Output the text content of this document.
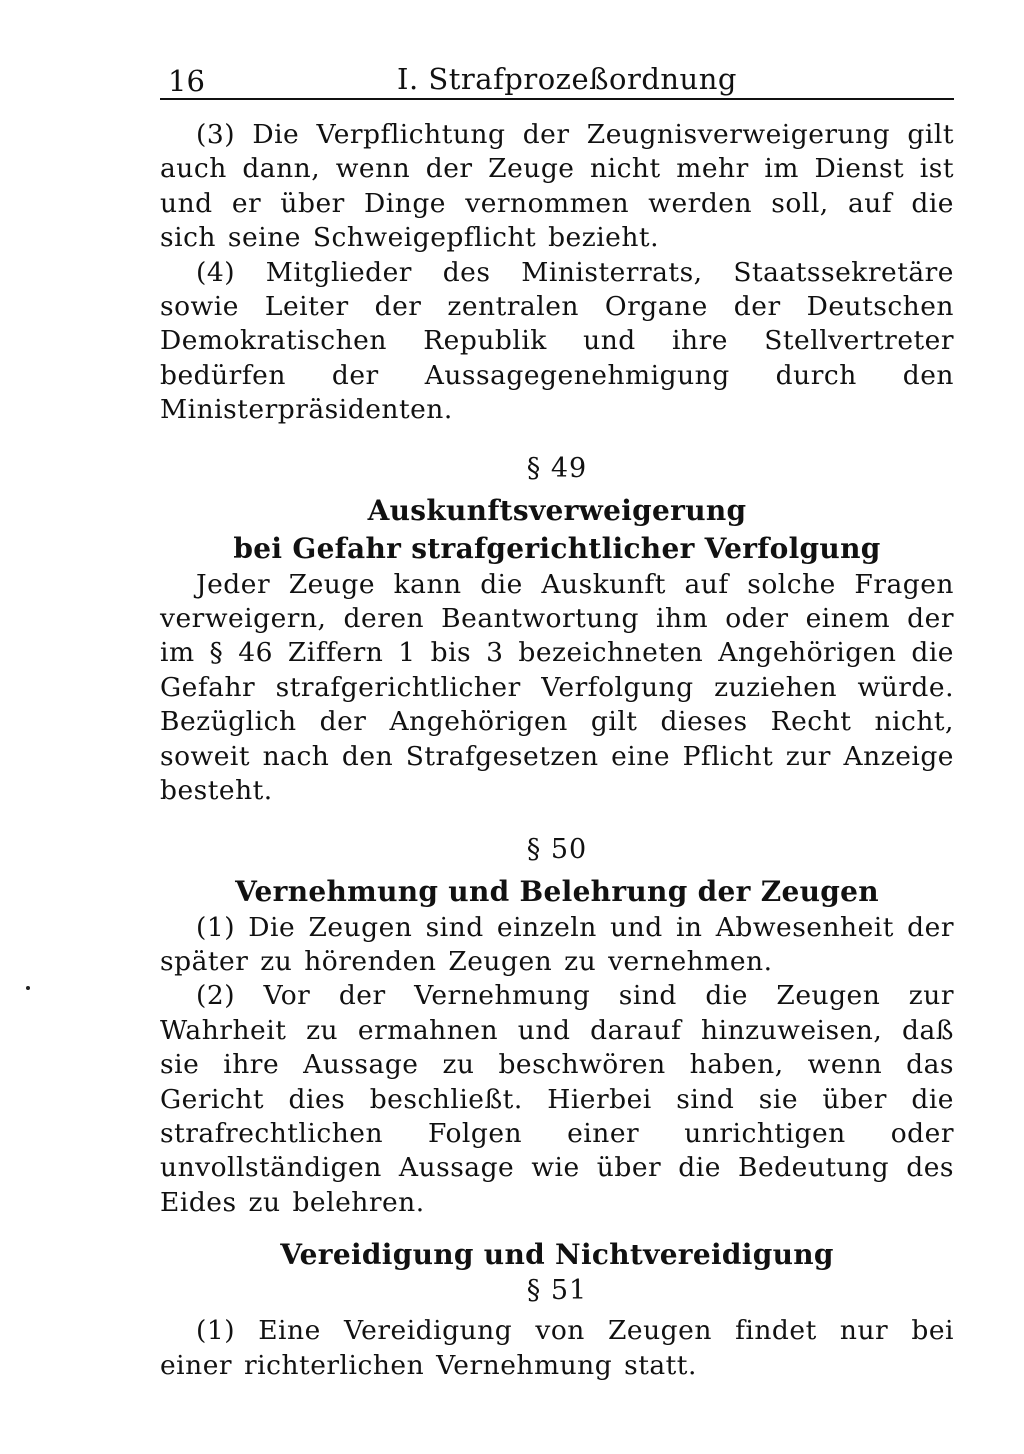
16	I. Strafprozeßordnung

(3) Die Verpflichtung der Zeugnisverweigerung gilt auch dann, wenn der Zeuge nicht mehr im Dienst ist und er über Dinge vernommen werden soll, auf die sich seine Schweigepflicht bezieht.

(4) Mitglieder des Ministerrats, Staatssekretäre sowie Leiter der zentralen Organe der Deutschen Demokratischen Republik und ihre Stellvertreter bedürfen der Aussagegenehmigung durch den Ministerpräsidenten.

§ 49

Auskunftsverweigerung

bei Gefahr strafgerichtlicher Verfolgung

Jeder Zeuge kann die Auskunft auf solche Fragen verweigern, deren Beantwortung ihm oder einem der im § 46 Ziffern 1 bis 3 bezeichneten Angehörigen die Gefahr strafgerichtlicher Verfolgung zuziehen würde. Bezüglich der Angehörigen gilt dieses Recht nicht, soweit nach den Strafgesetzen eine Pflicht zur Anzeige besteht.

§ 50

Vernehmung und Belehrung der Zeugen

(1) Die Zeugen sind einzeln und in Abwesenheit der später zu hörenden Zeugen zu vernehmen.

(2) Vor der Vernehmung sind die Zeugen zur Wahrheit zu ermahnen und darauf hinzuweisen, daß sie ihre Aussage zu beschwören haben, wenn das Gericht dies beschließt. Hierbei sind sie über die strafrechtlichen Folgen einer unrichtigen oder unvollständigen Aussage wie über die Bedeutung des Eides zu belehren.

Vereidigung und Nichtvereidigung

§ 51

(1) Eine Vereidigung von Zeugen findet nur bei einer richterlichen Vernehmung statt.
